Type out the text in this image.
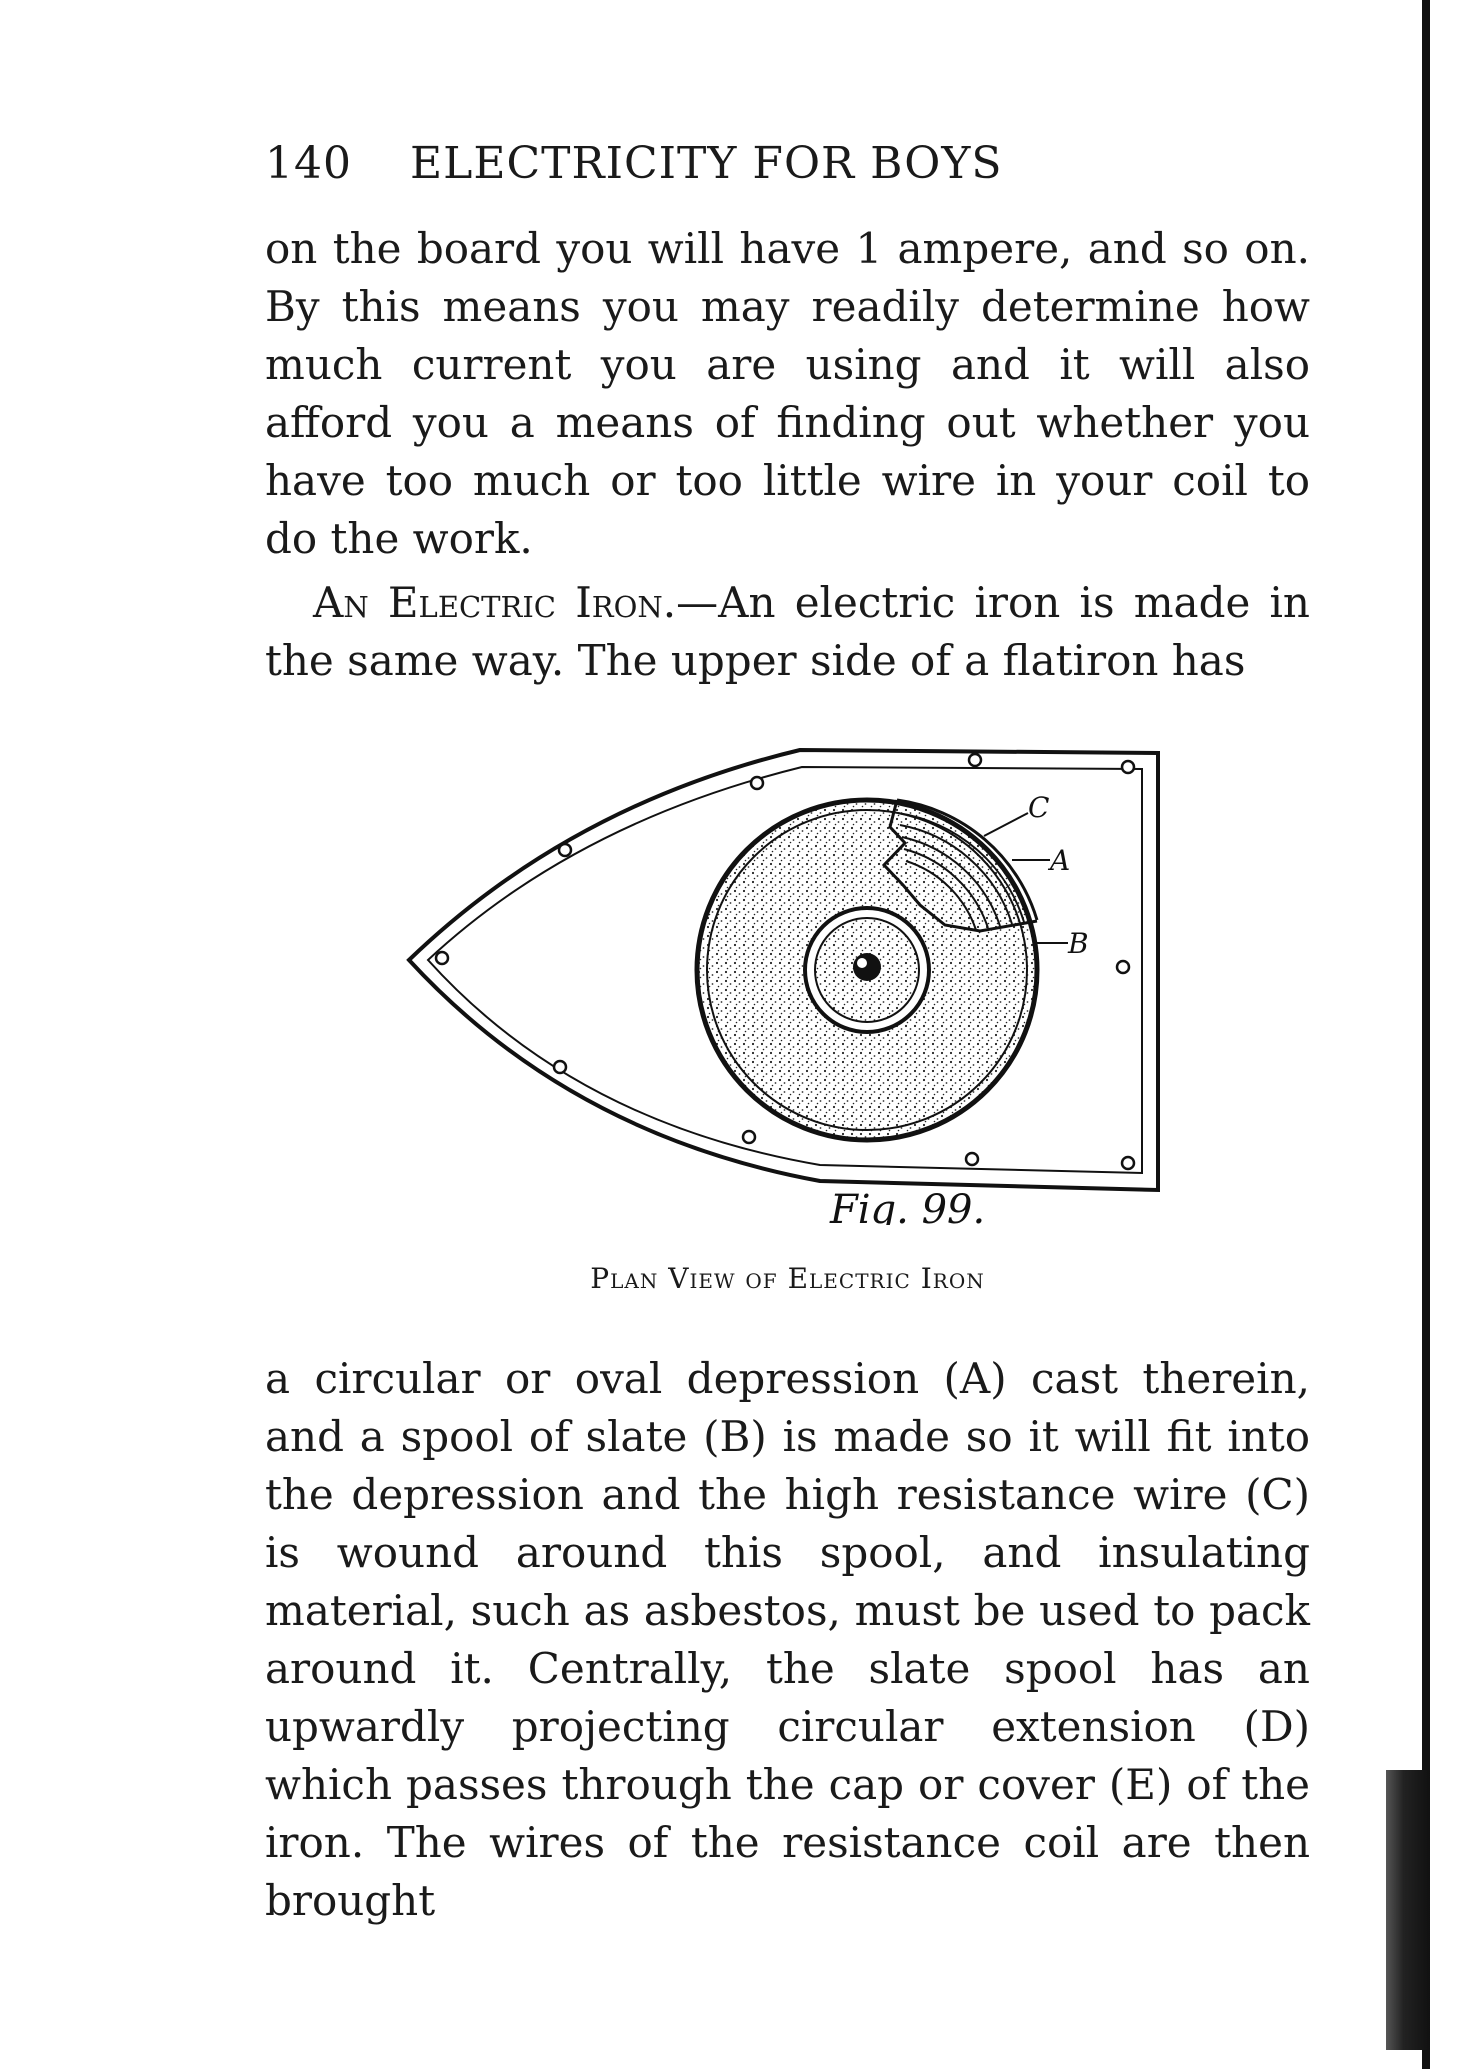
140 ELECTRICITY FOR BOYS
on the board you will have 1 ampere, and so on. By this means you may readily determine how much current you are using and it will also afford you a means of finding out whether you have too much or too little wire in your coil to do the work.
An Electric Iron.—An electric iron is made in the same way. The upper side of a flatiron has
C
A
B
Fig. 99.
Plan View of Electric Iron
a circular or oval depression (A) cast therein, and a spool of slate (B) is made so it will fit into the depression and the high resistance wire (C) is wound around this spool, and insulating material, such as asbestos, must be used to pack around it. Centrally, the slate spool has an upwardly projecting circular extension (D) which passes through the cap or cover (E) of the iron. The wires of the resistance coil are then brought
